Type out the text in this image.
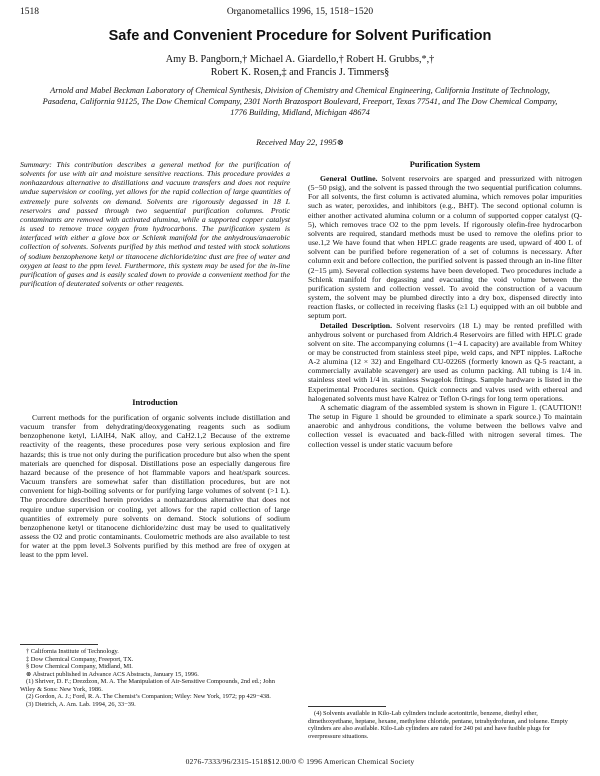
1518	Organometallics 1996, 15, 1518−1520
Safe and Convenient Procedure for Solvent Purification
Amy B. Pangborn,† Michael A. Giardello,† Robert H. Grubbs,*,†
Robert K. Rosen,‡ and Francis J. Timmers§
Arnold and Mabel Beckman Laboratory of Chemical Synthesis, Division of Chemistry and Chemical Engineering, California Institute of Technology, Pasadena, California 91125, The Dow Chemical Company, 2301 North Brazosport Boulevard, Freeport, Texas 77541, and The Dow Chemical Company, 1776 Building, Midland, Michigan 48674
Received May 22, 1995⊗

Summary: This contribution describes a general method for the purification of solvents for use with air and moisture sensitive reactions. This procedure provides a nonhazardous alternative to distillations and vacuum transfers and does not require undue supervision or cooling, yet allows for the rapid collection of large quantities of extremely pure solvents on demand. Solvents are rigorously degassed in 18 L reservoirs and passed through two sequential purification columns. Protic contaminants are removed with activated alumina, while a supported copper catalyst is used to remove trace oxygen from hydrocarbons. The purification system is interfaced with either a glove box or Schlenk manifold for the anhydrous/anaerobic collection of solvents. Solvents purified by this method and tested with stock solutions of sodium benzophenone ketyl or titanocene dichloride/zinc dust are free of water and oxygen at least to the ppm level. Furthermore, this system may be used for the in-line purification of gases and is easily scaled down to provide a convenient method for the purification of deuterated solvents or other reagents.

Introduction

Current methods for the purification of organic solvents include distillation and vacuum transfer from dehydrating/deoxygenating reagents such as sodium benzophenone ketyl, LiAlH4, NaK alloy, and CaH2.1,2 Because of the extreme reactivity of the reagents, these procedures pose very serious explosion and fire hazards; this is true not only during the purification procedure but also when the spent materials are quenched for disposal. Distillations pose an especially dangerous fire hazard because of the presence of hot flammable vapors and heat/spark sources. Vacuum transfers are somewhat safer than distillation procedures, but are not convenient for high-boiling solvents or for purifying large volumes of solvent (>1 L). The procedure described herein provides a nonhazardous alternative that does not require undue supervision or cooling, yet allows for the rapid collection of large quantities of extremely pure solvents on demand. Stock solutions of sodium benzophenone ketyl or titanocene dichloride/zinc dust may be used to qualitatively assess the O2 and protic contaminants. Coulometric methods are also available to test for water at the ppm level.3 Solvents purified by this method are free of oxygen at least to the ppm level.

† California Institute of Technology.
‡ Dow Chemical Company, Freeport, TX.
§ Dow Chemical Company, Midland, MI.
⊗ Abstract published in Advance ACS Abstracts, January 15, 1996.
(1) Shriver, D. F.; Drezdzon, M. A. The Manipulation of Air-Sensitive Compounds, 2nd ed.; John Wiley & Sons: New York, 1986.
(2) Gordon, A. J.; Ford, R. A. The Chemist’s Companion; Wiley: New York, 1972; pp 429−438.
(3) Dietrich, A. Am. Lab. 1994, 26, 33−39.
Purification System

General Outline. Solvent reservoirs are sparged and pressurized with nitrogen (5−50 psig), and the solvent is passed through the two sequential purification columns. For all solvents, the first column is activated alumina, which removes polar impurities such as water, peroxides, and inhibitors (e.g., BHT). The second optional column is either another activated alumina column or a column of supported copper catalyst (Q-5), which removes trace O2 to the ppm levels. If rigorously olefin-free hydrocarbon solvents are required, standard methods must be used to remove the olefins prior to use.1,2 We have found that when HPLC grade reagents are used, upward of 400 L of solvent can be purified before regeneration of a set of columns is necessary. After column exit and before collection, the purified solvent is passed through an in-line filter (2−15 μm). Several collection systems have been developed. Two procedures include a Schlenk manifold for degassing and evacuating the void volume between the purification system and collection vessel. To avoid the construction of a vacuum system, the solvent may be plumbed directly into a dry box, dispensed directly into reaction flasks, or collected in receiving flasks (≥1 L) equipped with an oil bubble and septum port.

Detailed Description. Solvent reservoirs (18 L) may be rented prefilled with anhydrous solvent or purchased from Aldrich.4 Reservoirs are filled with HPLC grade solvent on site. The accompanying columns (1−4 L capacity) are available from Whitey or may be constructed from stainless steel pipe, weld caps, and NPT nipples. LaRoche A-2 alumina (12 × 32) and Engelhard CU-0226S (formerly known as Q-5 reactant, a commercially available scavenger) are used as column packing. All tubing is 1/4 in. stainless steel with 1/4 in. stainless Swagelok fittings. Sample hardware is listed in the Experimental Procedures section. Quick connects and valves used with ethereal and halogenated solvents must have Kalrez or Teflon O-rings for long term operations.

A schematic diagram of the assembled system is shown in Figure 1. (CAUTION!! The setup in Figure 1 should be grounded to eliminate a spark source.) To maintain anaerobic and anhydrous conditions, the volume between the bellows valve and collection vessel is evacuated and back-filled with nitrogen several times. The collection vessel is under static vacuum before

(4) Solvents available in Kilo-Lab cylinders include acetonitrile, benzene, diethyl ether, dimethoxyethane, heptane, hexane, methylene chloride, pentane, tetrahydrofuran, and toluene. Empty cylinders are also available. Kilo-Lab cylinders are rated for 240 psi and have fusible plugs for overpressure situations.
0276-7333/96/2315-1518$12.00/0 © 1996 American Chemical Society
